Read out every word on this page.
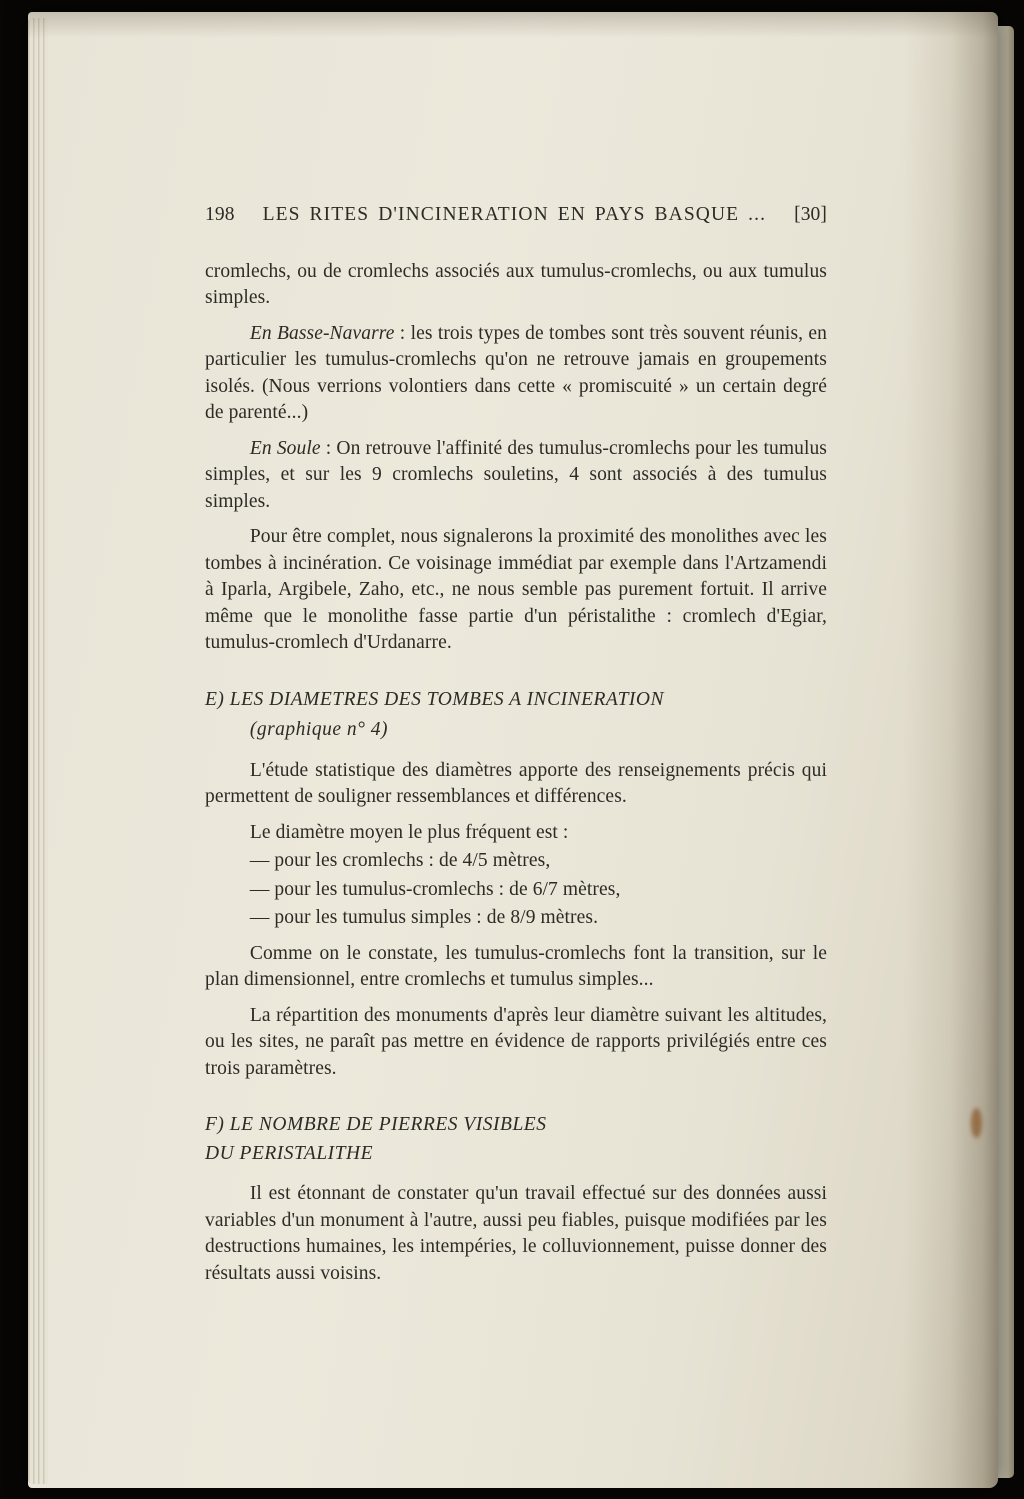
198 LES RITES D'INCINERATION EN PAYS BASQUE ... [30]

cromlechs, ou de cromlechs associés aux tumulus-cromlechs, ou aux tumulus simples.

En Basse-Navarre : les trois types de tombes sont très souvent réunis, en particulier les tumulus-cromlechs qu'on ne retrouve jamais en groupements isolés. (Nous verrions volontiers dans cette « promiscuité » un certain degré de parenté...)

En Soule : On retrouve l'affinité des tumulus-cromlechs pour les tumulus simples, et sur les 9 cromlechs souletins, 4 sont associés à des tumulus simples.

Pour être complet, nous signalerons la proximité des monolithes avec les tombes à incinération. Ce voisinage immédiat par exemple dans l'Artzamendi à Iparla, Argibele, Zaho, etc., ne nous semble pas purement fortuit. Il arrive même que le monolithe fasse partie d'un péristalithe : cromlech d'Egiar, tumulus-cromlech d'Urdanarre.

E) LES DIAMETRES DES TOMBES A INCINERATION
(graphique n° 4)

L'étude statistique des diamètres apporte des renseignements précis qui permettent de souligner ressemblances et différences.

Le diamètre moyen le plus fréquent est :

— pour les cromlechs : de 4/5 mètres,
— pour les tumulus-cromlechs : de 6/7 mètres,
— pour les tumulus simples : de 8/9 mètres.

Comme on le constate, les tumulus-cromlechs font la transition, sur le plan dimensionnel, entre cromlechs et tumulus simples...

La répartition des monuments d'après leur diamètre suivant les altitudes, ou les sites, ne paraît pas mettre en évidence de rapports privilégiés entre ces trois paramètres.

F) LE NOMBRE DE PIERRES VISIBLES
DU PERISTALITHE

Il est étonnant de constater qu'un travail effectué sur des données aussi variables d'un monument à l'autre, aussi peu fiables, puisque modifiées par les destructions humaines, les intempéries, le colluvionnement, puisse donner des résultats aussi voisins.
